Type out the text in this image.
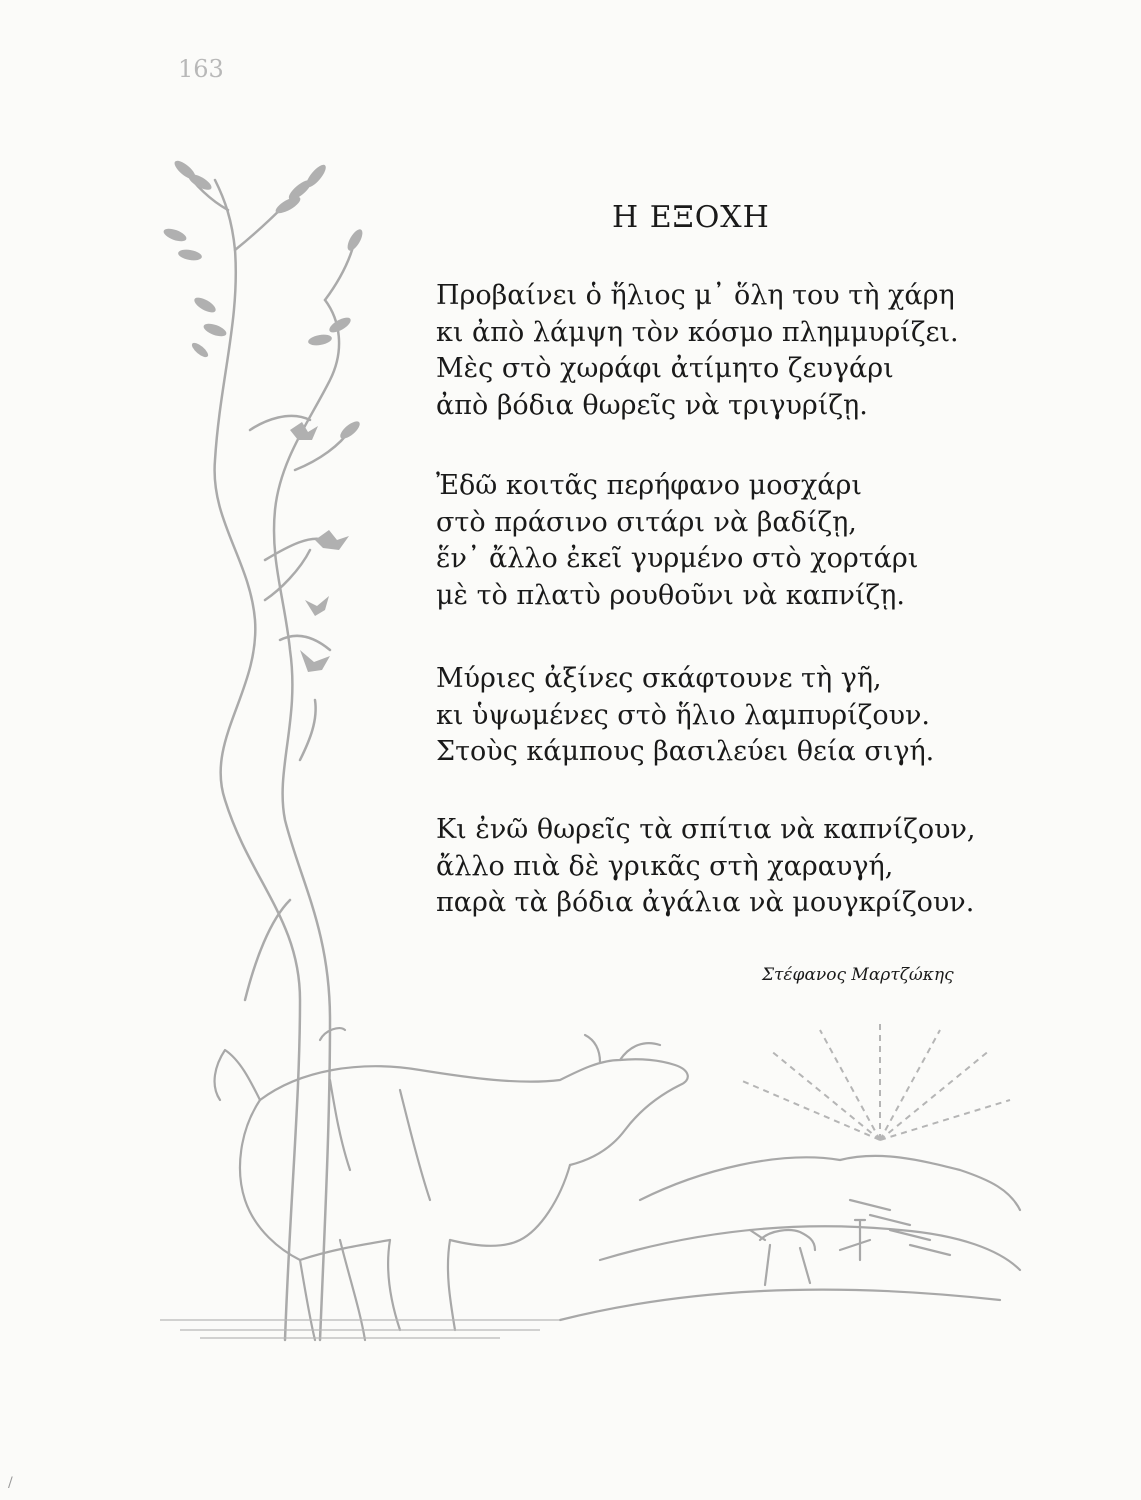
163
Η ΕΞΟΧΗ

Προβαίνει ὁ ἥλιος μ᾽ ὅλη του τὴ χάρη
κι ἀπὸ λάμψη τὸν κόσμο πλημμυρίζει.
Μὲς στὸ χωράφι ἀτίμητο ζευγάρι
ἀπὸ βόδια θωρεῖς νὰ τριγυρίζῃ.

Ἐδῶ κοιτᾶς περήφανο μοσχάρι
στὸ πράσινο σιτάρι νὰ βαδίζῃ,
ἕν᾽ ἄλλο ἐκεῖ γυρμένο στὸ χορτάρι
μὲ τὸ πλατὺ ρουθοῦνι νὰ καπνίζῃ.

Μύριες ἀξίνες σκάφτουνε τὴ γῆ,
κι ὑψωμένες στὸ ἥλιο λαμπυρίζουν.
Στοὺς κάμπους βασιλεύει θεία σιγή.

Κι ἐνῶ θωρεῖς τὰ σπίτια νὰ καπνίζουν,
ἄλλο πιὰ δὲ γρικᾶς στὴ χαραυγή,
παρὰ τὰ βόδια ἀγάλια νὰ μουγκρίζουν.

Στέφανος Μαρτζώκης
/
